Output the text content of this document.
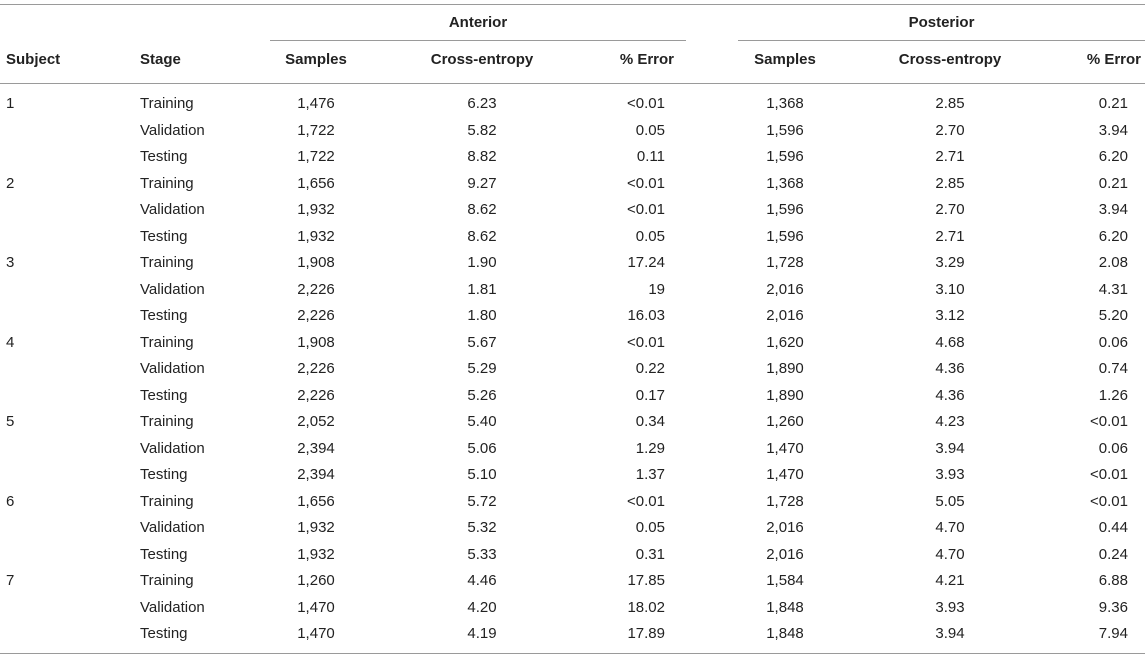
Anterior	Posterior
Subject	Stage	Samples	Cross-entropy	% Error	Samples	Cross-entropy	% Error
1	Training	1,476	6.23	<0.01	1,368	2.85	0.21
Validation	1,722	5.82	0.05	1,596	2.70	3.94
Testing	1,722	8.82	0.11	1,596	2.71	6.20
2	Training	1,656	9.27	<0.01	1,368	2.85	0.21
Validation	1,932	8.62	<0.01	1,596	2.70	3.94
Testing	1,932	8.62	0.05	1,596	2.71	6.20
3	Training	1,908	1.90	17.24	1,728	3.29	2.08
Validation	2,226	1.81	19	2,016	3.10	4.31
Testing	2,226	1.80	16.03	2,016	3.12	5.20
4	Training	1,908	5.67	<0.01	1,620	4.68	0.06
Validation	2,226	5.29	0.22	1,890	4.36	0.74
Testing	2,226	5.26	0.17	1,890	4.36	1.26
5	Training	2,052	5.40	0.34	1,260	4.23	<0.01
Validation	2,394	5.06	1.29	1,470	3.94	0.06
Testing	2,394	5.10	1.37	1,470	3.93	<0.01
6	Training	1,656	5.72	<0.01	1,728	5.05	<0.01
Validation	1,932	5.32	0.05	2,016	4.70	0.44
Testing	1,932	5.33	0.31	2,016	4.70	0.24
7	Training	1,260	4.46	17.85	1,584	4.21	6.88
Validation	1,470	4.20	18.02	1,848	3.93	9.36
Testing	1,470	4.19	17.89	1,848	3.94	7.94
